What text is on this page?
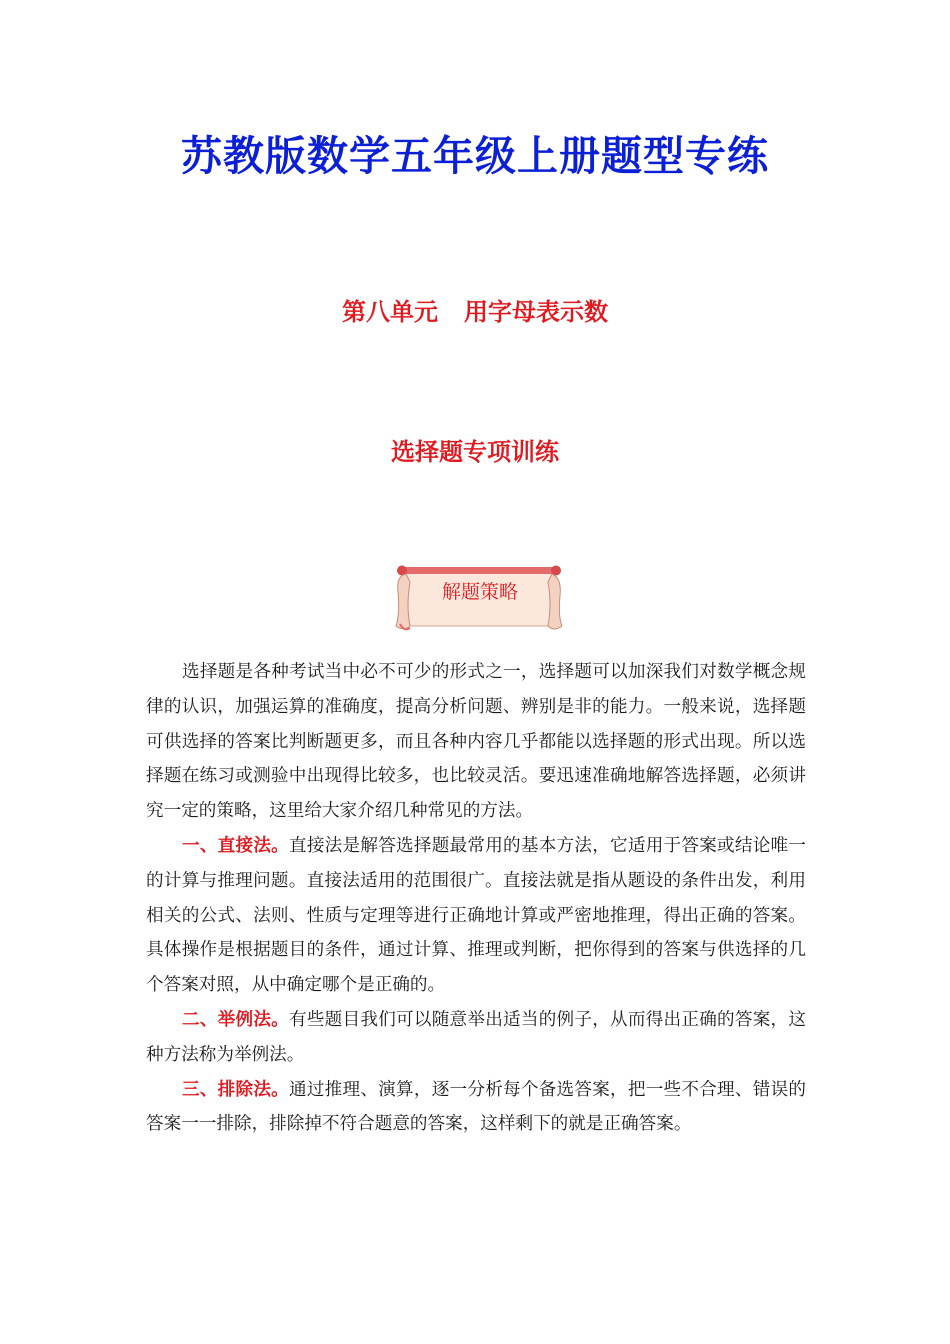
苏教版数学五年级上册题型专练
第八单元 用字母表示数
选择题专项训练
解题策略

选择题是各种考试当中必不可少的形式之一，选择题可以加深我们对数学概念规律的认识，加强运算的准确度，提高分析问题、辨别是非的能力。一般来说，选择题可供选择的答案比判断题更多，而且各种内容几乎都能以选择题的形式出现。所以选择题在练习或测验中出现得比较多，也比较灵活。要迅速准确地解答选择题，必须讲究一定的策略，这里给大家介绍几种常见的方法。

一、直接法。直接法是解答选择题最常用的基本方法，它适用于答案或结论唯一的计算与推理问题。直接法适用的范围很广。直接法就是指从题设的条件出发，利用相关的公式、法则、性质与定理等进行正确地计算或严密地推理，得出正确的答案。具体操作是根据题目的条件，通过计算、推理或判断，把你得到的答案与供选择的几个答案对照，从中确定哪个是正确的。

二、举例法。有些题目我们可以随意举出适当的例子，从而得出正确的答案，这种方法称为举例法。

三、排除法。通过推理、演算，逐一分析每个备选答案，把一些不合理、错误的答案一一排除，排除掉不符合题意的答案，这样剩下的就是正确答案。
